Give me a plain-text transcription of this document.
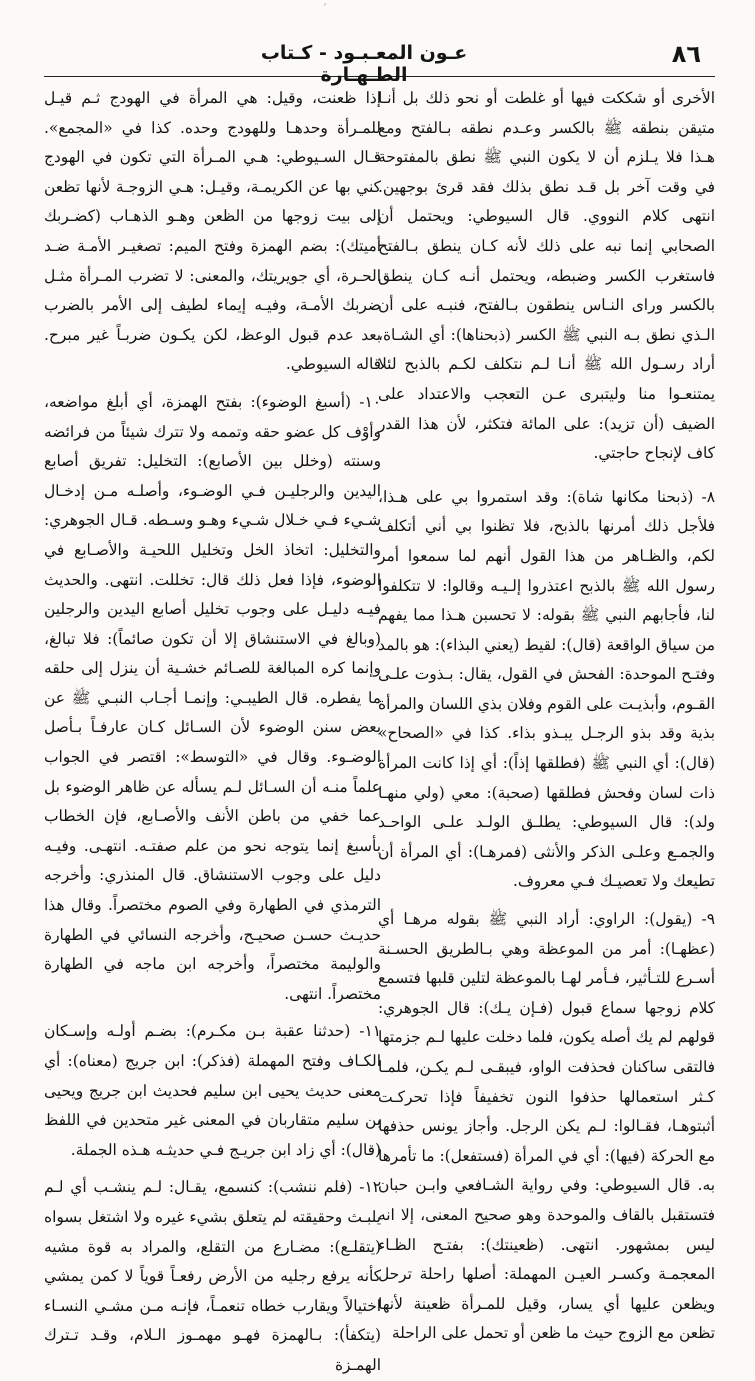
´
عـون المعـبـود - كـتاب الطـهـارة
٨٦

الأخرى أو شككت فيها أو غلطت أو نحو ذلك بل أنـا متيقن بنطقه ﷺ بالكسر وعـدم نطقه بـالفتح ومع هـذا فلا يـلزم أن لا يكون النبي ﷺ نطق بالمفتوحة في وقت آخر بل قـد نطق بذلك فقد قرئ بوجهين. انتهى كلام النووي. قال السيوطي: ويحتمل أن الصحابي إنما نبه على ذلك لأنه كـان ينطق بـالفتح فاستغرب الكسر وضبطه، ويحتمل أنـه كـان ينطق بالكسر وراى النـاس ينطقون بـالفتح، فنبـه على أن الـذي نطق بـه النبي ﷺ الكسر (ذبحناها): أي الشـاة، أراد رسـول الله ﷺ أنـا لـم نتكلف لكـم بالذبح لئلا يمتنعـوا منا وليتبرى عـن التعجب والاعتداد على الضيف (أن تزيد): على المائة فتكثر، لأن هذا القدر كاف لإنجاح حاجتي.

٨- (ذبحنا مكانها شاة): وقد استمروا بي على هـذا، فلأجل ذلك أمرنها بالذبح، فلا تظنوا بي أني أتكلف لكم، والظـاهر من هذا القول أنهم لما سمعوا أمر رسول الله ﷺ بالذبح اعتذروا إلـيـه وقالوا: لا تتكلفوا لنا، فأجابهم النبي ﷺ بقوله: لا تحسبن هـذا مما يفهم من سياق الواقعة (قال): لقيط (يعني البذاء): هو بالمد وفتـح الموحدة: الفحش في القول، يقال: بـذوت علـى القـوم، وأبذيـت على القوم وفلان بذي اللسان والمرأة بذية وقد بذو الرجـل يبـذو بذاء. كذا في «الصحاح» (قال): أي النبي ﷺ (فطلقها إذاً): أي إذا كانت المرأة ذات لسان وفحش فطلقها (صحبة): معي (ولي منهـا ولد): قال السيوطي: يطلـق الولـد علـى الواحـد والجمـع وعلـى الذكر والأنثى (فمرهـا): أي المرأة أن تطيعك ولا تعصيـك فـي معروف.

٩- (يقول): الراوي: أراد النبي ﷺ بقوله مرهـا أي (عظهـا): أمر من الموعظة وهي بـالطريق الحسـنة أسـرع للتـأثير، فـأمر لهـا بالموعظة لتلين قلبها فتسمع كلام زوجها سماع قبول (فـإن يـك): قال الجوهري: قولهم لم يك أصله يكون، فلما دخلت عليها لـم جزمتها فالتقى ساكنان فحذفت الواو، فيبقـى لـم يكـن، فلمـا كـثر استعمالها حذفوا النون تخفيفاً فإذا تحركـت أثبتوهـا، فقـالوا: لـم يكن الرجل. وأجاز يونس حذفها مع الحركة (فيها): أي في المرأة (فستفعل): ما تأمرها به. قال السيوطي: وفي رواية الشـافعي وابـن حبان فتستقبل بالقاف والموحدة وهو صحيح المعنى، إلا انه ليس بمشهور. انتهى. (ظعينتك): بفتـح الظـاء المعجمـة وكسـر العيـن المهملة: أصلها راحلة ترحل ويظعن عليها أي يسار، وقيل للمـرأة ظعينة لأنها تظعن مع الزوج حيث ما ظعن أو تحمل على الراحلة

إذا ظعنت، وقيل: هي المرأة في الهودج ثـم قيـل للمـرأة وحدهـا وللهودج وحده. كذا في «المجمع». قـال السـيوطي: هـي المـرأة التي تكون في الهودج كني بها عن الكريمـة، وقيـل: هـي الزوجـة لأنها تظعن إلى بيت زوجها من الظعن وهـو الذهـاب (كضـربك أميتك): بضم الهمزة وفتح الميم: تصغيـر الأمـة ضـد الحـرة، أي جويريتك، والمعنى: لا تضرب المـرأة مثـل ضربك الأمـة، وفيـه إيماء لطيف إلى الأمر بالضرب بعد عدم قبول الوعظ، لكن يكـون ضربـاً غير مبرح. قاله السيوطي.

١٠- (أسبغ الوضوء): بفتح الهمزة، أي أبلغ مواضعه، وأوْف كل عضو حقه وتممه ولا تترك شيئاً من فرائضه وسنته (وخلل بين الأصابع): التخليل: تفريق أصابع اليدين والرجليـن فـي الوضـوء، وأصلـه مـن إدخـال شـيء فـي خـلال شـيء وهـو وسـطه. قـال الجوهري: والتخليل: اتخاذ الخل وتخليل اللحيـة والأصـابع في الوضوء، فإذا فعل ذلك قال: تخللت. انتهى. والحديث فيـه دليـل على وجوب تخليل أصابع اليدين والرجلين (وبالغ في الاستنشاق إلا أن تكون صائماً): فلا تبالغ، وإنما كره المبالغة للصـائم خشـية أن ينزل إلى حلقه ما يفطره. قال الطيبـي: وإنمـا أجـاب النبـي ﷺ عن بعض سنن الوضوء لأن السـائل كـان عارفـاً بـأصل الوضـوء. وقال في «التوسط»: اقتصر في الجواب علماً منـه أن السـائل لـم يسأله عن ظاهر الوضوء بل عما خفي من باطن الأنف والأصـابع، فإن الخطاب بأسبغ إنما يتوجه نحو من علم صفتـه. انتهـى. وفيـه دليل على وجوب الاستنشاق. قال المنذري: وأخرجه الترمذي في الطهارة وفي الصوم مختصراً. وقال هذا حديـث حسـن صحيـح، وأخرجه النسائي في الطهارة والوليمة مختصراً، وأخرجه ابن ماجه في الطهارة مختصراً. انتهى.

١١- (حدثنا عقبة بـن مكـرم): بضـم أولـه وإسـكان الكـاف وفتح المهملة (فذكر): ابن جريج (معناه): أي معنى حديث يحيى ابن سليم فحديث ابن جريج ويحيى بن سليم متقاربان في المعنى غير متحدين في اللفظ (قال): أي زاد ابن جريـج فـي حديثـه هـذه الجملة.

١٢- (فلم ننشب): كنسمع، يقـال: لـم ينشـب أي لـم يلبـث وحقيقته لم يتعلق بشيء غيره ولا اشتغل بسواه (يتقلـع): مضـارع من التقلع، والمراد به قوة مشيه كأنه يرفع رجليه من الأرض رفعـاً قوياً لا كمن يمشي اختيالاً ويقارب خطاه تنعمـاً، فإنـه مـن مشـي النسـاء (يتكفأ): بـالهمزة فهـو مهمـوز الـلام، وقـد تـترك الهمـزة
